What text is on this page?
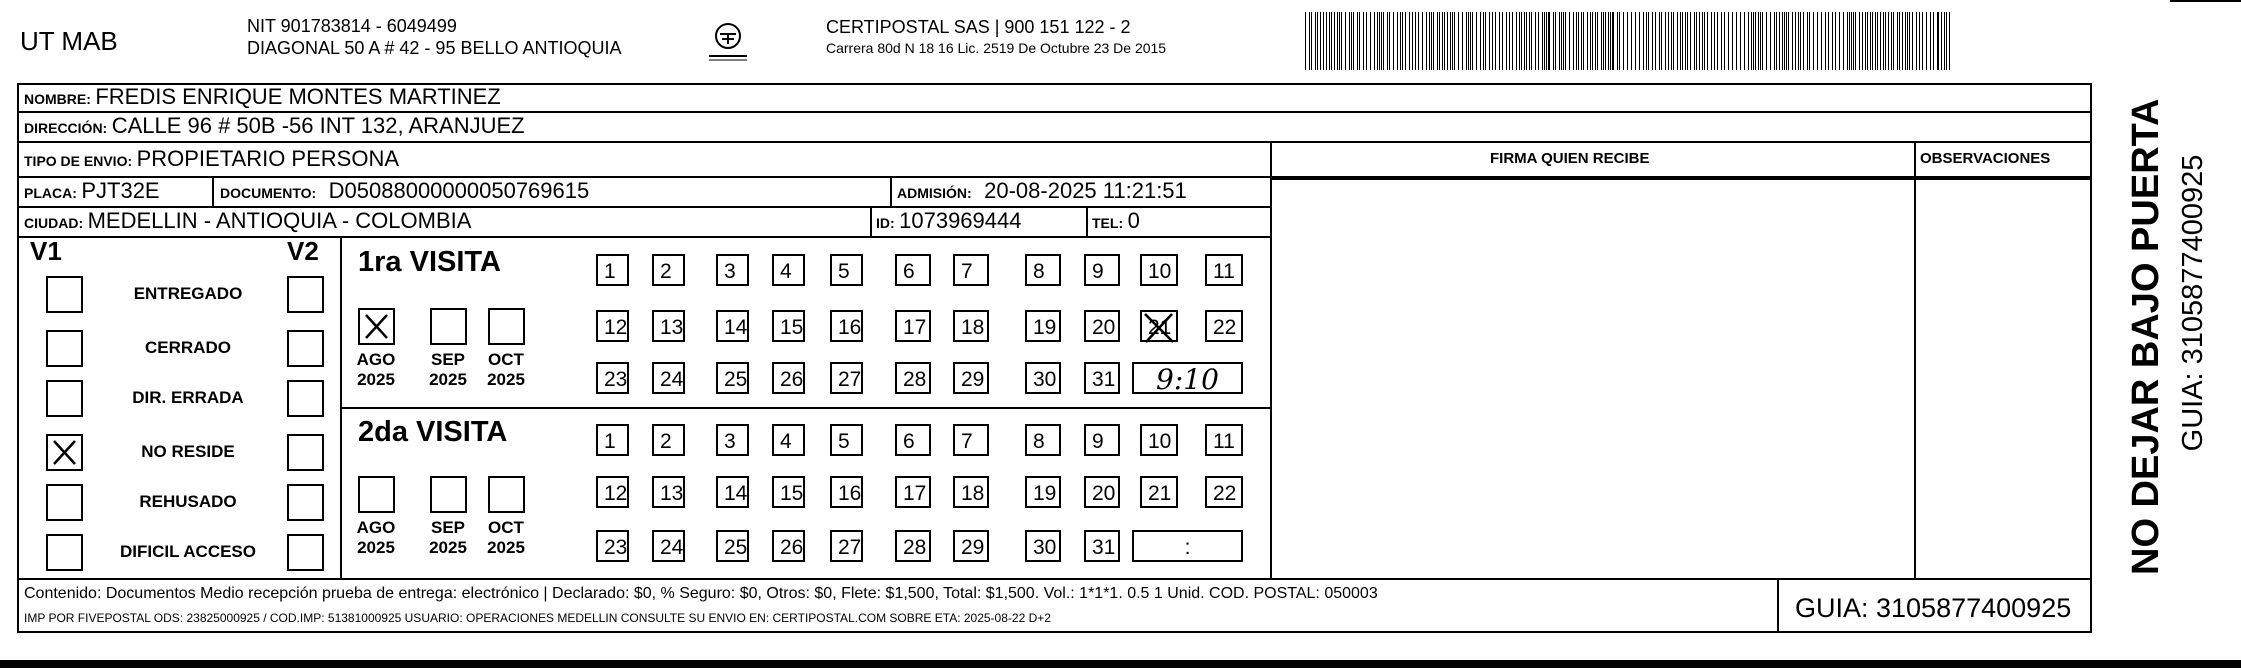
UT MAB	NIT 901783814 - 6049499
DIAGONAL 50 A # 42 - 95 BELLO ANTIOQUIA
CERTIPOSTAL SAS | 900 151 122 - 2
Carrera 80d N 18 16 Lic. 2519 De Octubre 23 De 2015
NOMBRE: FREDIS ENRIQUE MONTES MARTINEZ
DIRECCIÓN: CALLE 96 # 50B -56 INT 132, ARANJUEZ
TIPO DE ENVIO: PROPIETARIO PERSONA	FIRMA QUIEN RECIBE	OBSERVACIONES
PLACA: PJT32E	DOCUMENTO: D05088000000050769615	ADMISIÓN: 20-08-2025 11:21:51
CIUDAD: MEDELLIN - ANTIOQUIA - COLOMBIA	ID: 1073969444	TEL: 0
V1	V2
ENTREGADO
CERRADO
DIR. ERRADA
NO RESIDE
REHUSADO
DIFICIL ACCESO
1ra VISITA
AGO
2025
SEP
2025
OCT
2025
1	2	3	4	5	6	7	8	9	10	11
12	13	14	15	16	17	18	19	20	21	22
23	24	25	26	27	28	29	30	31	9:10
2da VISITA
AGO
2025
SEP
2025
OCT
2025
1	2	3	4	5	6	7	8	9	10	11
12	13	14	15	16	17	18	19	20	21	22
23	24	25	26	27	28	29	30	31	:
Contenido: Documentos Medio recepción prueba de entrega: electrónico | Declarado: $0, % Seguro: $0, Otros: $0, Flete: $1,500, Total: $1,500. Vol.: 1*1*1. 0.5 1 Unid. COD. POSTAL: 050003
IMP POR FIVEPOSTAL ODS: 23825000925 / COD.IMP: 51381000925 USUARIO: OPERACIONES MEDELLIN CONSULTE SU ENVIO EN: CERTIPOSTAL.COM SOBRE ETA: 2025-08-22 D+2	GUIA: 3105877400925
NO DEJAR BAJO PUERTA GUIA: 3105877400925
